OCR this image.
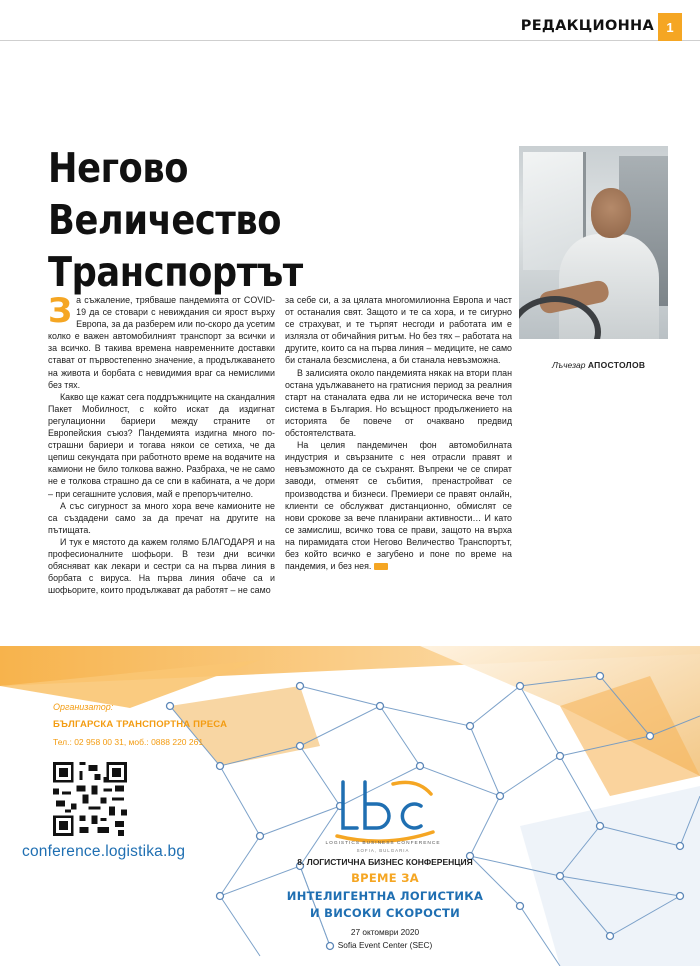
РЕДАКЦИОННА 1
Негово Величество
Транспортът
Лъчезар АПОСТОЛОВ

За съжаление, трябваше пандемията от COVID-19 да се стовари с невиждания си ярост върху Европа, за да разберем или по-скоро да усетим колко е важен автомобилният транспорт за всички и за всичко. В такива времена навременните доставки стават от първостепенно значение, а продължаването на живота и борбата с невидимия враг са немислими без тях.

Какво ще кажат сега поддръжниците на скандалния Пакет Мобилност, с който искат да издигнат регулационни бариери между страните от Европейския съюз? Пандемията издигна много по-страшни бариери и тогава някои се сетиха, че да цепиш секундата при работното време на водачите на камиони не било толкова важно. Разбраха, че не само не е толкова страшно да се спи в кабината, а че дори – при сегашните условия, май е препоръчително.

А със сигурност за много хора вече камионите не са създадени само за да пречат на другите на пътищата.

И тук е мястото да кажем голямо БЛАГОДАРЯ и на професионалните шофьори. В тези дни всички обясняват как лекари и сестри са на първа линия в борбата с вируса. На първа линия обаче са и шофьорите, които продължават да работят – не само

за себе си, а за цялата многомилионна Европа и част от останалия свят. Защото и те са хора, и те сигурно се страхуват, и те търпят несгоди и работата им е излязла от обичайния ритъм. Но без тях – работата на другите, които са на първа линия – медиците, не само би станала безсмислена, а би станала невъзможна.

В залисията около пандемията някак на втори план остана удължаването на гратисния период за реалния старт на станалата едва ли не историческа вече тол система в България. Но всъщност продължението на историята бе повече от очаквано предвид обстоятелствата.

На целия пандемичен фон автомобилната индустрия и свързаните с нея отрасли правят и невъзможното да се съхранят. Въпреки че се спират заводи, отменят се събития, пренастройват се производства и бизнеси. Премиери се правят онлайн, клиенти се обслужват дистанционно, обмислят се нови срокове за вече планирани активности… И като се замислиш, всичко това се прави, защото на върха на пирамидата стои Негово Величество Транспортът, без който всичко е загубено и поне по време на пандемия, и без нея.

Организатор:
БЪЛГАРСКА ТРАНСПОРТНА ПРЕСА
Тел.: 02 958 00 31, моб.: 0888 220 261
conference.logistika.bg	LOGISTICS BUSINESS CONFERENCE
SOFIA, BULGARIA
8. ЛОГИСТИЧНА БИЗНЕС КОНФЕРЕНЦИЯ
ВРЕМЕ ЗА
ИНТЕЛИГЕНТНА ЛОГИСТИКА
И ВИСОКИ СКОРОСТИ
27 октомври 2020
Sofia Event Center (SEC)
